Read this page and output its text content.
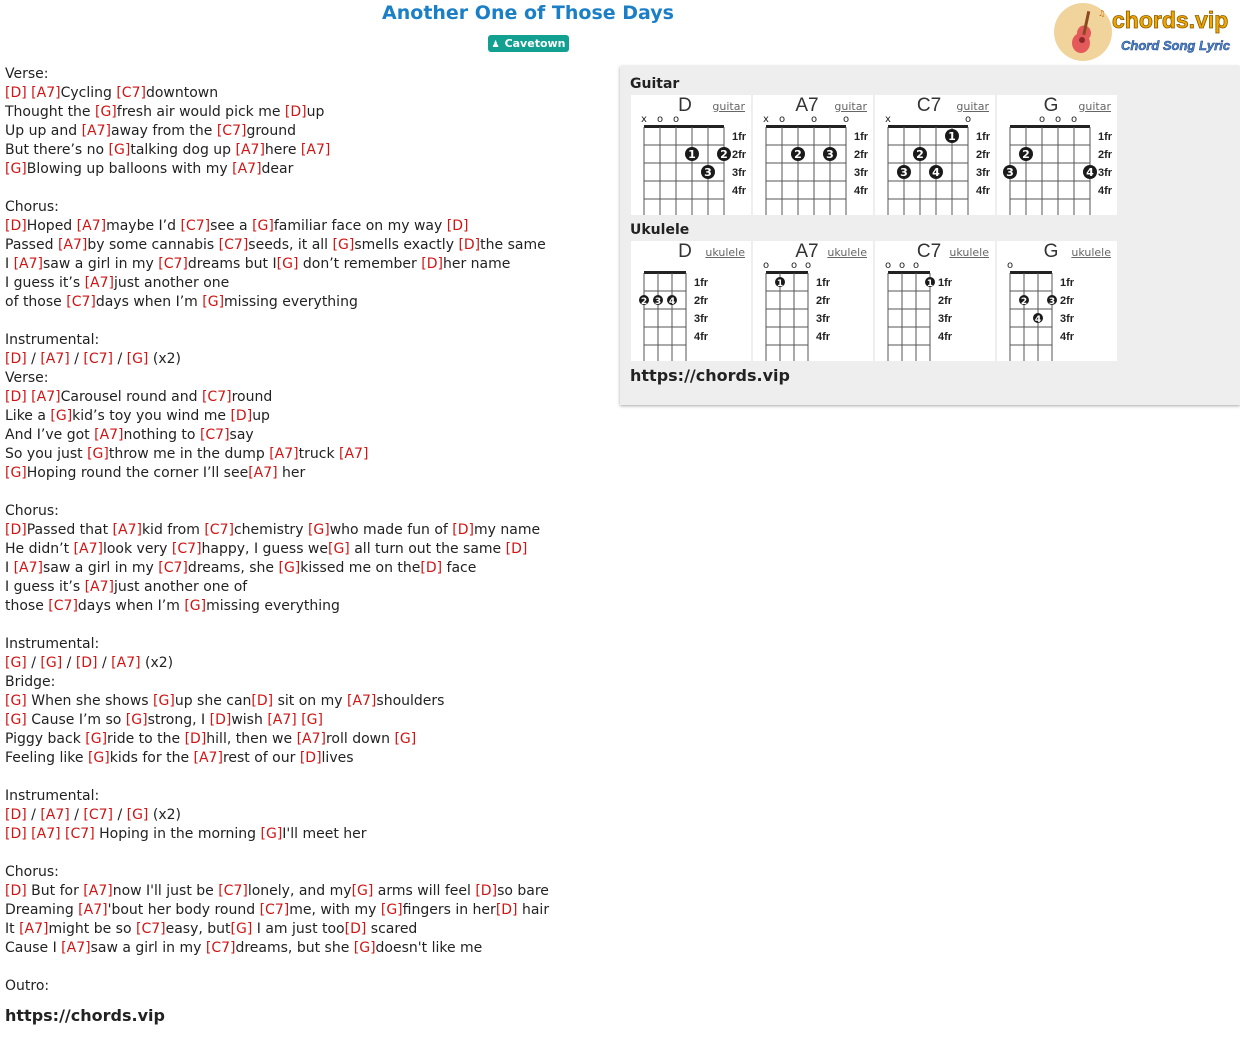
Another One of Those Days
♟ Cavetown
♫ chords.vip
Chord Song Lyric
Verse:
[D] [A7]Cycling [C7]downtown
Thought the [G]fresh air would pick me [D]up
Up up and [A7]away from the [C7]ground
But there’s no [G]talking dog up [A7]here [A7]
[G]Blowing up balloons with my [A7]dear
Chorus:
[D]Hoped [A7]maybe I’d [C7]see a [G]familiar face on my way [D]
Passed [A7]by some cannabis [C7]seeds, it all [G]smells exactly [D]the same
I [A7]saw a girl in my [C7]dreams but I[G] don’t remember [D]her name
I guess it’s [A7]just another one
of those [C7]days when I’m [G]missing everything
Instrumental:
[D] / [A7] / [C7] / [G] (x2)
Verse:
[D] [A7]Carousel round and [C7]round
Like a [G]kid’s toy you wind me [D]up
And I’ve got [A7]nothing to [C7]say
So you just [G]throw me in the dump [A7]truck [A7]
[G]Hoping round the corner I’ll see[A7] her
Chorus:
[D]Passed that [A7]kid from [C7]chemistry [G]who made fun of [D]my name
He didn’t [A7]look very [C7]happy, I guess we[G] all turn out the same [D]
I [A7]saw a girl in my [C7]dreams, she [G]kissed me on the[D] face
I guess it’s [A7]just another one of
those [C7]days when I’m [G]missing everything
Instrumental:
[G] / [G] / [D] / [A7] (x2)
Bridge:
[G] When she shows [G]up she can[D] sit on my [A7]shoulders
[G] Cause I’m so [G]strong, I [D]wish [A7] [G]
Piggy back [G]ride to the [D]hill, then we [A7]roll down [G]
Feeling like [G]kids for the [A7]rest of our [D]lives
Instrumental:
[D] / [A7] / [C7] / [G] (x2)
[D] [A7] [C7] Hoping in the morning [G]I'll meet her
Chorus:
[D] But for [A7]now I'll just be [C7]lonely, and my[G] arms will feel [D]so bare
Dreaming [A7]'bout her body round [C7]me, with my [G]fingers in her[D] hair
It [A7]might be so [C7]easy, but[G] I am just too[D] scared
Cause I [A7]saw a girl in my [C7]dreams, but she [G]doesn't like me
Outro:
https://chords.vip
Guitar
x o o
1fr
2fr
3fr
4fr
1 2
3
D	guitar
x o	o	o
1fr
2fr
3fr
4fr
2 3
A7 guitar
x	o
1fr
2fr
3fr
4fr
1
2
3 4
C7 guitar
o o o
1fr
2fr
3fr
4fr
2
3	4
G	guitar
Ukulele
1fr
2fr
3fr
4fr
2 3 4
D	ukulele
o o o
1fr
2fr
3fr
4fr
1
A7 ukulele
o o o
1fr
2fr
3fr
4fr
1
C7 ukulele
o
1fr
2fr
3fr
4fr
2 3
4
G	ukulele
https://chords.vip
